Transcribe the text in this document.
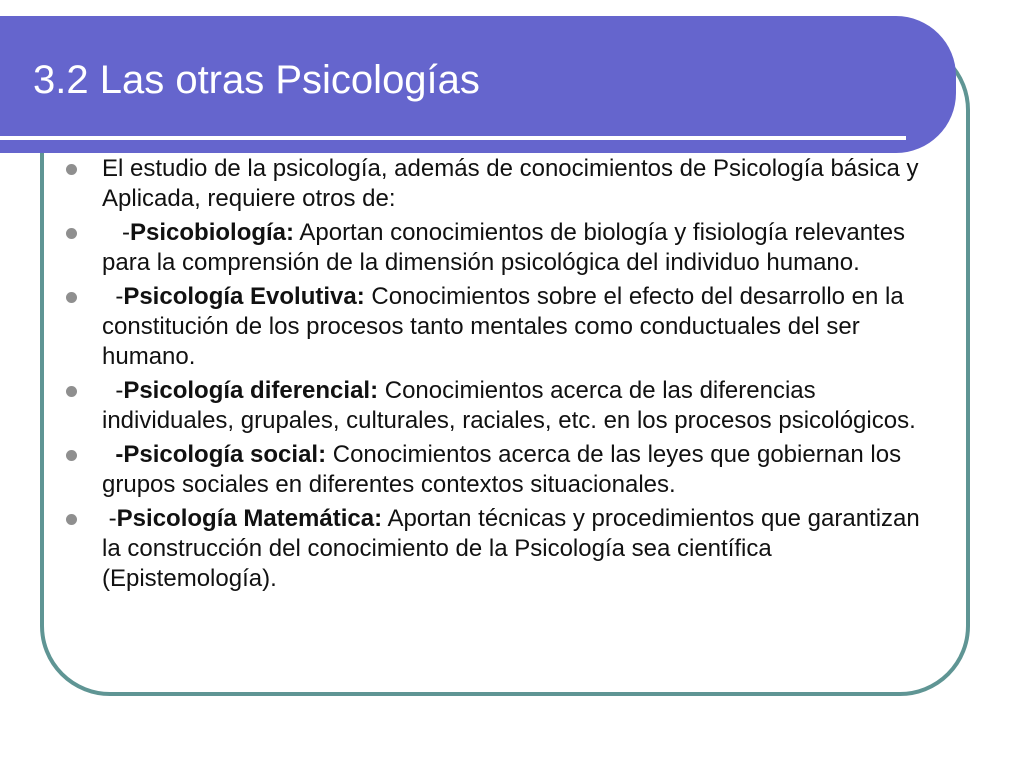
3.2 Las otras Psicologías
El estudio de la psicología, además de conocimientos de Psicología básica y Aplicada, requiere otros de:
-Psicobiología: Aportan conocimientos de biología y fisiología relevantes para la comprensión de la dimensión psicológica del individuo humano.
-Psicología Evolutiva: Conocimientos sobre el efecto del desarrollo en la constitución de los procesos tanto mentales como conductuales del ser humano.
-Psicología diferencial: Conocimientos acerca de las diferencias individuales, grupales, culturales, raciales, etc. en los procesos psicológicos.
-Psicología social: Conocimientos acerca de las leyes que gobiernan los grupos sociales en diferentes contextos situacionales.
-Psicología Matemática: Aportan técnicas y procedimientos que garantizan la construcción del conocimiento de la Psicología sea científica (Epistemología).
